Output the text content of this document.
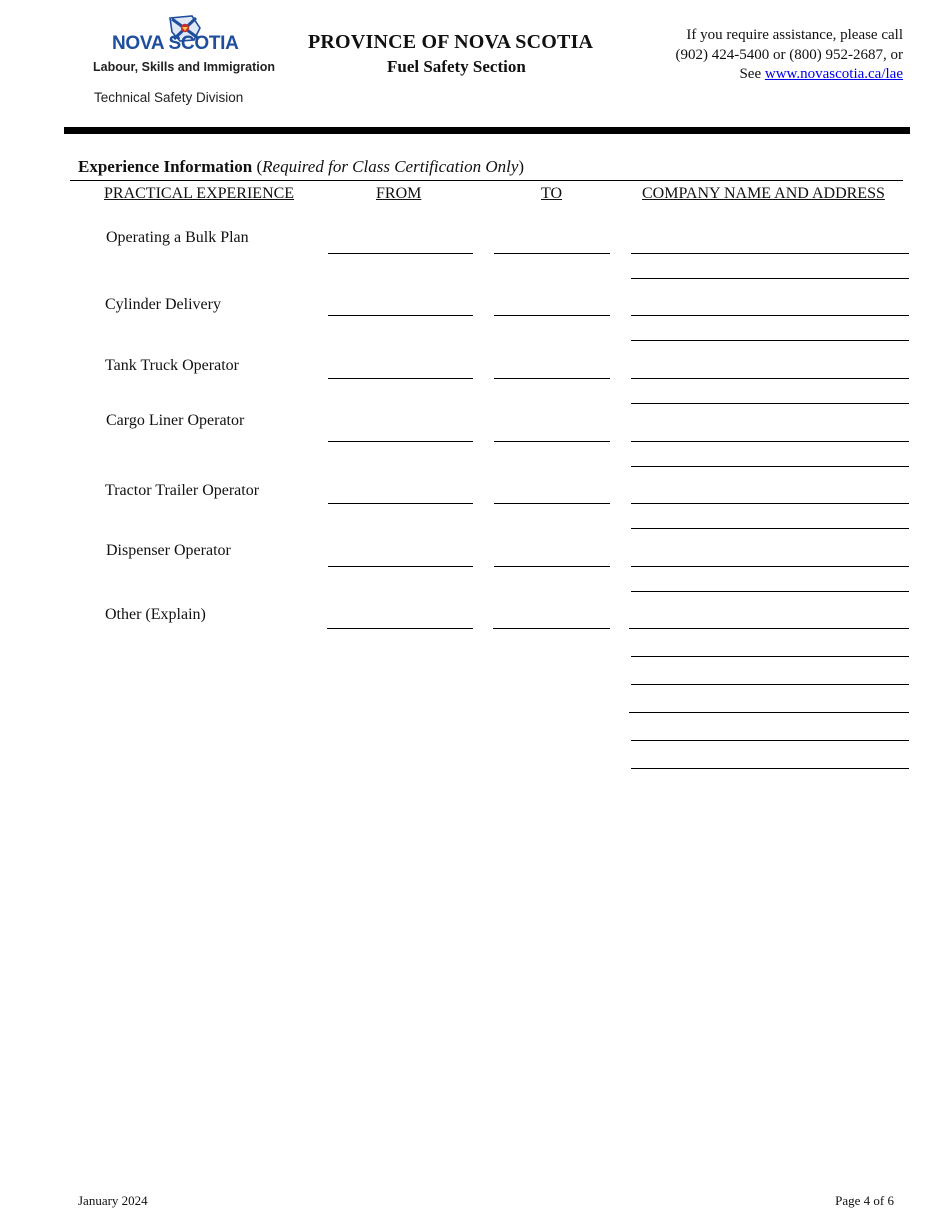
NOVA SCOTIA
Labour, Skills and Immigration
Technical Safety Division
PROVINCE OF NOVA SCOTIA
Fuel Safety Section
If you require assistance, please call
(902) 424-5400 or (800) 952-2687, or
See www.novascotia.ca/lae
Experience Information (Required for Class Certification Only)
PRACTICAL EXPERIENCE	FROM	TO	COMPANY NAME AND ADDRESS
Operating a Bulk Plan
Cylinder Delivery
Tank Truck Operator
Cargo Liner Operator
Tractor Trailer Operator
Dispenser Operator
Other (Explain)
January 2024	Page 4 of 6
